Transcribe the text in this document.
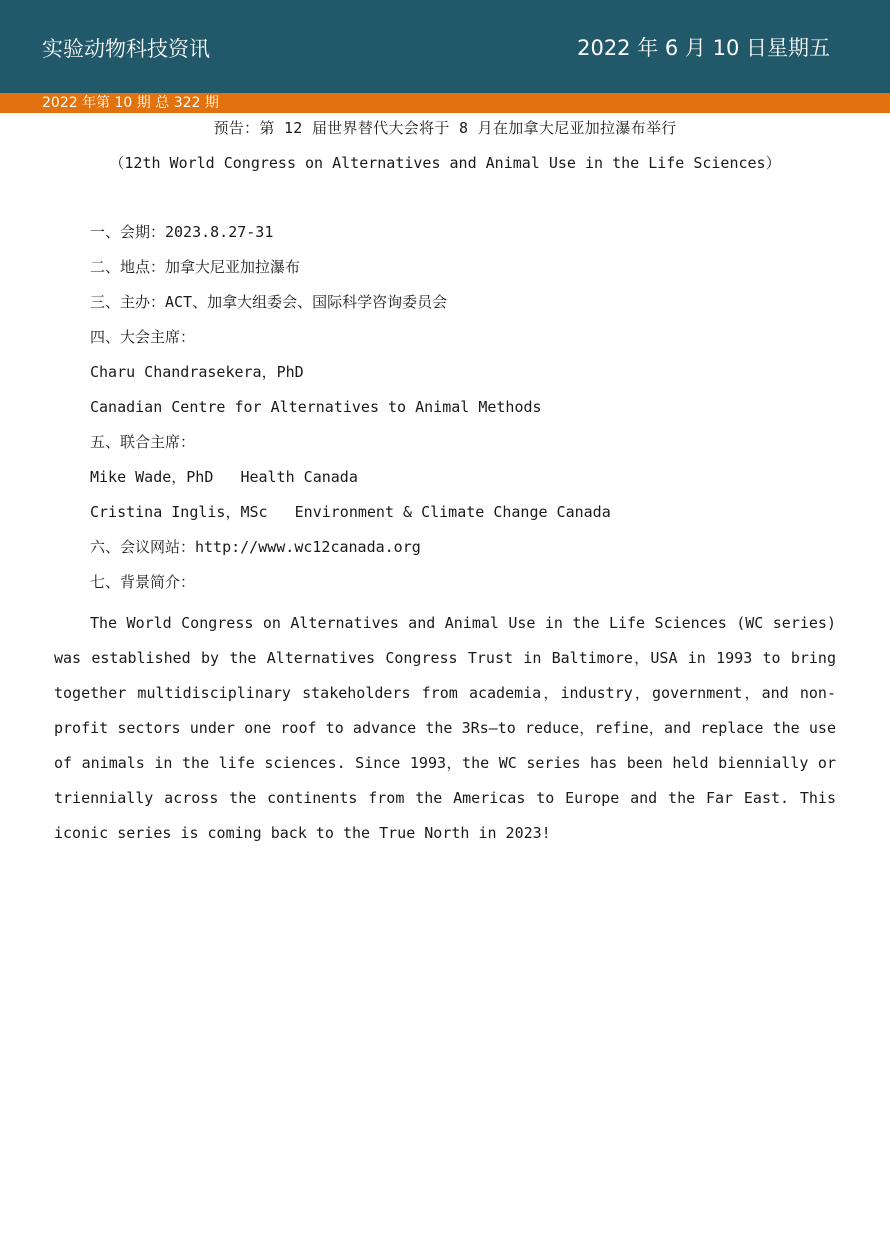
实验动物科技资讯	2022 年 6 月 10 日星期五
2022 年第 10 期 总 322 期
预告：第 12 届世界替代大会将于 8 月在加拿大尼亚加拉瀑布举行
（12th World Congress on Alternatives and Animal Use in the Life Sciences）
一、会期：2023.8.27-31
二、地点：加拿大尼亚加拉瀑布
三、主办：ACT、加拿大组委会、国际科学咨询委员会
四、大会主席：
Charu Chandrasekera，PhD
Canadian Centre for Alternatives to Animal Methods
五、联合主席：
Mike Wade，PhD   Health Canada
Cristina Inglis，MSc   Environment & Climate Change Canada
六、会议网站：http://www.wc12canada.org
七、背景简介：

The World Congress on Alternatives and Animal Use in the Life Sciences (WC series) was established by the Alternatives Congress Trust in Baltimore，USA in 1993 to bring together multidisciplinary stakeholders from academia，industry，government，and non-profit sectors under one roof to advance the 3Rs—to reduce，refine，and replace the use of animals in the life sciences. Since 1993，the WC series has been held biennially or triennially across the continents from the Americas to Europe and the Far East. This iconic series is coming back to the True North in 2023!
